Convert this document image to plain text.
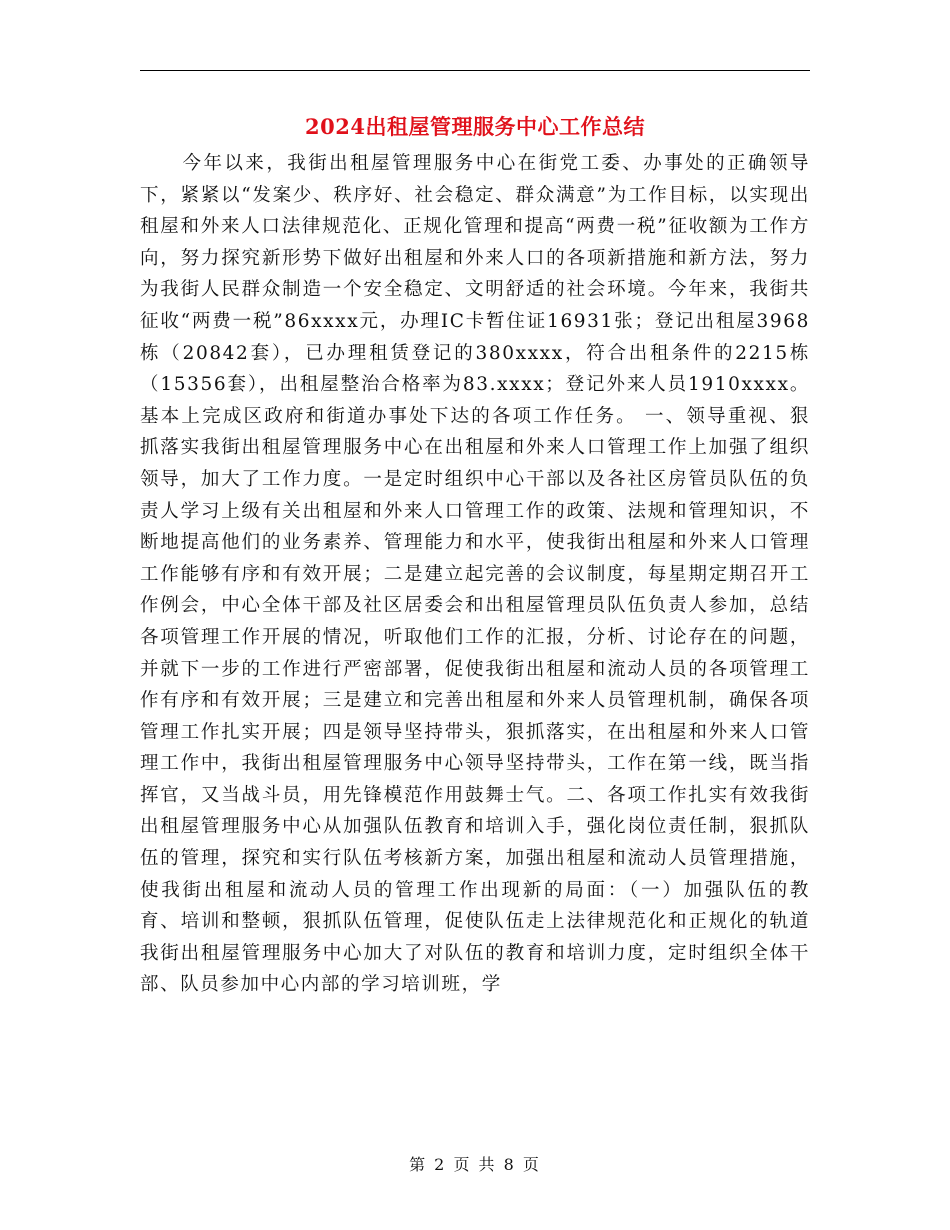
2024出租屋管理服务中心工作总结

今年以来，我街出租屋管理服务中心在街党工委、办事处的正确领导下，紧紧以“发案少、秩序好、社会稳定、群众满意”为工作目标，以实现出租屋和外来人口法律规范化、正规化管理和提高“两费一税”征收额为工作方向，努力探究新形势下做好出租屋和外来人口的各项新措施和新方法，努力为我街人民群众制造一个安全稳定、文明舒适的社会环境。今年来，我街共征收“两费一税”86xxxx元，办理IC卡暂住证16931张；登记出租屋3968栋（20842套），已办理租赁登记的380xxxx，符合出租条件的2215栋（15356套），出租屋整治合格率为83.xxxx；登记外来人员1910xxxx。基本上完成区政府和街道办事处下达的各项工作任务。 一、领导重视、狠抓落实我街出租屋管理服务中心在出租屋和外来人口管理工作上加强了组织领导，加大了工作力度。一是定时组织中心干部以及各社区房管员队伍的负责人学习上级有关出租屋和外来人口管理工作的政策、法规和管理知识，不断地提高他们的业务素养、管理能力和水平，使我街出租屋和外来人口管理工作能够有序和有效开展；二是建立起完善的会议制度，每星期定期召开工作例会，中心全体干部及社区居委会和出租屋管理员队伍负责人参加，总结各项管理工作开展的情况，听取他们工作的汇报，分析、讨论存在的问题，并就下一步的工作进行严密部署，促使我街出租屋和流动人员的各项管理工作有序和有效开展；三是建立和完善出租屋和外来人员管理机制，确保各项管理工作扎实开展；四是领导坚持带头，狠抓落实，在出租屋和外来人口管理工作中，我街出租屋管理服务中心领导坚持带头，工作在第一线，既当指挥官，又当战斗员，用先锋模范作用鼓舞士气。二、各项工作扎实有效我街出租屋管理服务中心从加强队伍教育和培训入手，强化岗位责任制，狠抓队伍的管理，探究和实行队伍考核新方案，加强出租屋和流动人员管理措施，使我街出租屋和流动人员的管理工作出现新的局面：（一）加强队伍的教育、培训和整顿，狠抓队伍管理，促使队伍走上法律规范化和正规化的轨道我街出租屋管理服务中心加大了对队伍的教育和培训力度，定时组织全体干部、队员参加中心内部的学习培训班，学

第 2 页 共 8 页
